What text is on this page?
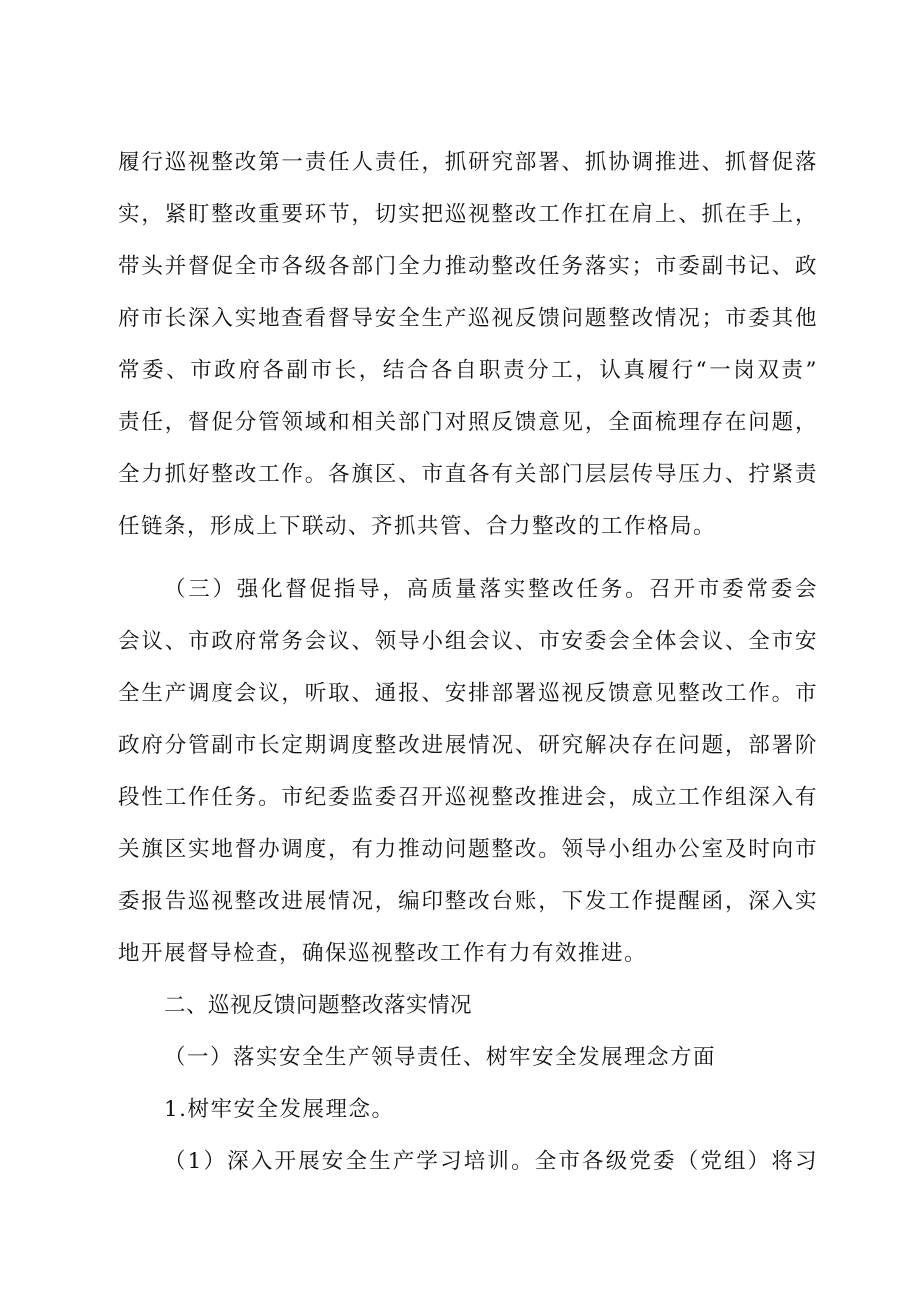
履行巡视整改第一责任人责任，抓研究部署、抓协调推进、抓督促落
实，紧盯整改重要环节，切实把巡视整改工作扛在肩上、抓在手上，
带头并督促全市各级各部门全力推动整改任务落实；市委副书记、政
府市长深入实地查看督导安全生产巡视反馈问题整改情况；市委其他
常委、市政府各副市长，结合各自职责分工，认真履行“一岗双责”
责任，督促分管领域和相关部门对照反馈意见，全面梳理存在问题，
全力抓好整改工作。各旗区、市直各有关部门层层传导压力、拧紧责
任链条，形成上下联动、齐抓共管、合力整改的工作格局。
（三）强化督促指导，高质量落实整改任务。召开市委常委会
会议、市政府常务会议、领导小组会议、市安委会全体会议、全市安
全生产调度会议，听取、通报、安排部署巡视反馈意见整改工作。市
政府分管副市长定期调度整改进展情况、研究解决存在问题，部署阶
段性工作任务。市纪委监委召开巡视整改推进会，成立工作组深入有
关旗区实地督办调度，有力推动问题整改。领导小组办公室及时向市
委报告巡视整改进展情况，编印整改台账，下发工作提醒函，深入实
地开展督导检查，确保巡视整改工作有力有效推进。
二、巡视反馈问题整改落实情况
（一）落实安全生产领导责任、树牢安全发展理念方面
1.树牢安全发展理念。
（1）深入开展安全生产学习培训。全市各级党委（党组）将习
